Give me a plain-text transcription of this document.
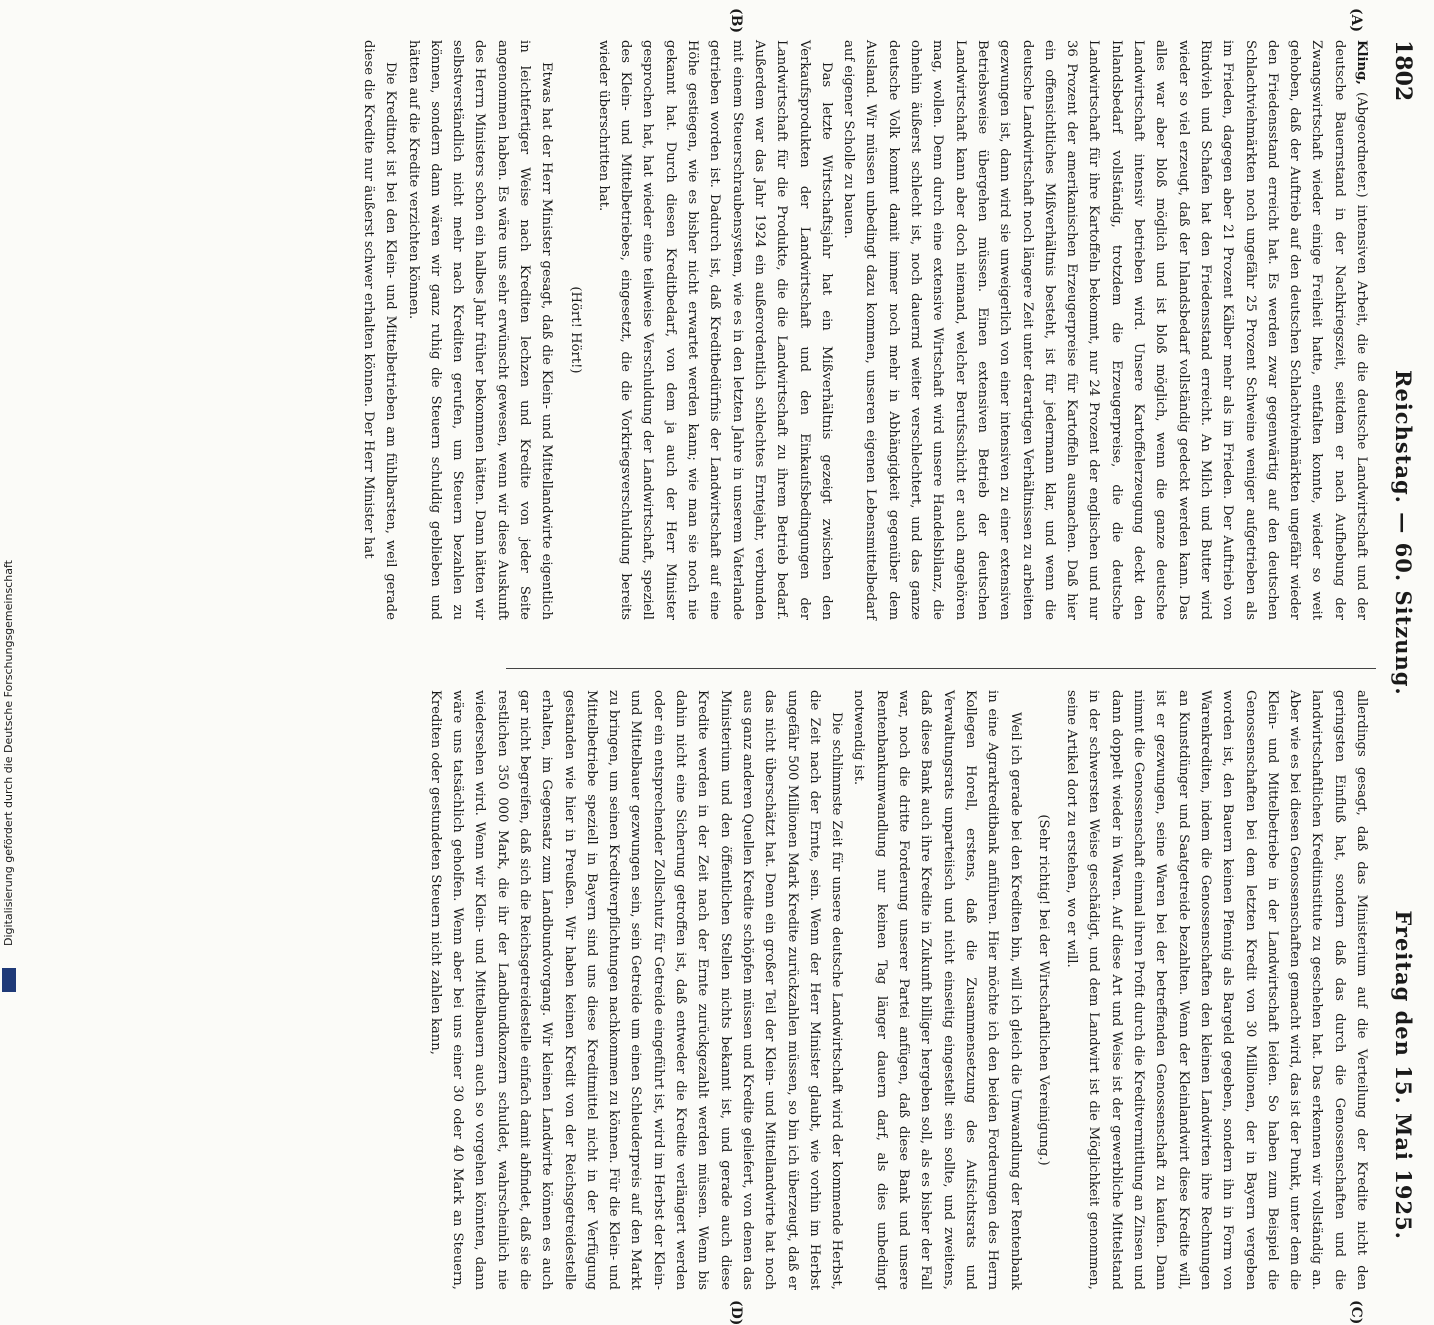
1802
Reichstag. — 60. Sitzung.
Freitag den 15. Mai 1925.
(A)
(B)
(C)
(D)

Kling, (Abgeordneter.) intensiven Arbeit, die die deutsche Landwirtschaft und der deutsche Bauernstand in der Nachkriegszeit, seitdem er nach Aufhebung der Zwangswirtschaft wieder einige Freiheit hatte, entfalten konnte, wieder so weit gehoben, daß der Auftrieb auf den deutschen Schlachtviehmärkten ungefähr wieder den Friedensstand erreicht hat. Es werden zwar gegenwärtig auf den deutschen Schlachtviehmärkten noch ungefähr 25 Prozent Schweine weniger aufgetrieben als im Frieden, dagegen aber 21 Prozent Kälber mehr als im Frieden. Der Auftrieb von Rindvieh und Schafen hat den Friedensstand erreicht. An Milch und Butter wird wieder so viel erzeugt, daß der Inlandsbedarf vollständig gedeckt werden kann. Das alles war aber bloß möglich und ist bloß möglich, wenn die ganze deutsche Landwirtschaft intensiv betrieben wird. Unsere Kartoffelerzeugung deckt den Inlandsbedarf vollständig, trotzdem die Erzeugerpreise, die die deutsche Landwirtschaft für ihre Kartoffeln bekommt, nur 24 Prozent der englischen und nur 36 Prozent der amerikanischen Erzeugerpreise für Kartoffeln ausmachen. Daß hier ein offensichtliches Mißverhältnis besteht, ist für jedermann klar, und wenn die deutsche Landwirtschaft noch längere Zeit unter derartigen Verhältnissen zu arbeiten gezwungen ist, dann wird sie unweigerlich von einer intensiven zu einer extensiven Betriebsweise übergehen müssen. Einen extensiven Betrieb der deutschen Landwirtschaft kann aber doch niemand, welcher Berufsschicht er auch angehören mag, wollen. Denn durch eine extensive Wirtschaft wird unsere Handelsbilanz, die ohnehin äußerst schlecht ist, noch dauernd weiter verschlechtert, und das ganze deutsche Volk kommt damit immer noch mehr in Abhängigkeit gegenüber dem Ausland. Wir müssen unbedingt dazu kommen, unseren eigenen Lebensmittelbedarf auf eigener Scholle zu bauen.

Das letzte Wirtschaftsjahr hat ein Mißverhältnis gezeigt zwischen den Verkaufsprodukten der Landwirtschaft und den Einkaufsbedingungen der Landwirtschaft für die Produkte, die die Landwirtschaft zu ihrem Betrieb bedarf. Außerdem war das Jahr 1924 ein außerordentlich schlechtes Erntejahr, verbunden mit einem Steuerschraubensystem, wie es in den letzten Jahre in unserem Vaterlande getrieben worden ist. Dadurch ist, daß Kreditbedürfnis der Landwirtschaft auf eine Höhe gestiegen, wie es bisher nicht erwartet werden kann; wie man sie noch nie gekannt hat. Durch diesen Kreditbedarf, von dem ja auch der Herr Minister gesprochen hat, hat wieder eine teilweise Verschuldung der Landwirtschaft, speziell des Klein- und Mittelbetriebes, eingesetzt, die die Vorkriegsverschuldung bereits wieder überschritten hat.

(Hört! Hört!)

Etwas hat der Herr Minister gesagt, daß die Klein- und Mittellandwirte eigentlich in leichtfertiger Weise nach Krediten lechzen und Kredite von jeder Seite angenommen haben. Es wäre uns sehr erwünscht gewesen, wenn wir diese Auskunft des Herrn Ministers schon ein halbes Jahr früher bekommen hätten. Dann hätten wir selbstverständlich nicht mehr nach Krediten gerufen, um Steuern bezahlen zu können, sondern dann wären wir ganz ruhig die Steuern schuldig geblieben und hätten auf die Kredite verzichten können.

Die Kreditnot ist bei den Klein- und Mittelbetrieben am fühlbarsten, weil gerade diese die Kredite nur äußerst schwer erhalten können. Der Herr Minister hat

allerdings gesagt, daß das Ministerium auf die Verteilung der Kredite nicht den geringsten Einfluß hat, sondern daß das durch die Genossenschaften und die landwirtschaftlichen Kreditinstitute zu geschehen hat. Das erkennen wir vollständig an. Aber wie es bei diesen Genossenschaften gemacht wird, das ist der Punkt, unter dem die Klein- und Mittelbetriebe in der Landwirtschaft leiden. So haben zum Beispiel die Genossenschaften bei dem letzten Kredit von 30 Millionen, der in Bayern vergeben worden ist, den Bauern keinen Pfennig als Bargeld gegeben, sondern ihn in Form von Warenkrediten, indem die Genossenschaften den kleinen Landwirten ihre Rechnungen an Kunstdünger und Saatgetreide bezahlten. Wenn der Kleinlandwirt diese Kredite will, ist er gezwungen, seine Waren bei der betreffenden Genossenschaft zu kaufen. Dann nimmt die Genossenschaft einmal ihren Profit durch die Kreditvermittlung an Zinsen und dann doppelt wieder in Waren. Auf diese Art und Weise ist der gewerbliche Mittelstand in der schwersten Weise geschädigt, und dem Landwirt ist die Möglichkeit genommen, seine Artikel dort zu erstehen, wo er will.

(Sehr richtig! bei der Wirtschaftlichen Vereinigung.)

Weil ich gerade bei den Krediten bin, will ich gleich die Umwandlung der Rentenbank in eine Agrarkreditbank anführen. Hier möchte ich den beiden Forderungen des Herrn Kollegen Horell, erstens, daß die Zusammensetzung des Aufsichtsrats und Verwaltungsrats unparteiisch und nicht einseitig eingestellt sein sollte, und zweitens, daß diese Bank auch ihre Kredite in Zukunft billiger hergeben soll, als es bisher der Fall war, noch die dritte Forderung unserer Partei anfügen, daß diese Bank und unsere Rentenbankumwandlung nur keinen Tag länger dauern darf, als dies unbedingt notwendig ist.

Die schlimmste Zeit für unsere deutsche Landwirtschaft wird der kommende Herbst, die Zeit nach der Ernte, sein. Wenn der Herr Minister glaubt, wie vorhin im Herbst ungefähr 500 Millionen Mark Kredite zurückzahlen müssen, so bin ich überzeugt, daß er das nicht überschätzt hat. Denn ein großer Teil der Klein- und Mittellandwirte hat noch aus ganz anderen Quellen Kredite schöpfen müssen und Kredite geliefert, von denen das Ministerium und den öffentlichen Stellen nichts bekannt ist, und gerade auch diese Kredite werden in der Zeit nach der Ernte zurückgezahlt werden müssen. Wenn bis dahin nicht eine Sicherung getroffen ist, daß entweder die Kredite verlängert werden oder ein entsprechender Zollschutz für Getreide eingeführt ist, wird im Herbst der Klein- und Mittelbauer gezwungen sein, sein Getreide um einen Schleuderpreis auf den Markt zu bringen, um seinen Kreditverpflichtungen nachkommen zu können. Für die Klein- und Mittelbetriebe speziell in Bayern sind uns diese Kreditmittel nicht in der Verfügung gestanden wie hier in Preußen. Wir haben keinen Kredit von der Reichsgetreidestelle erhalten, im Gegensatz zum Landbundvorgang. Wir kleinen Landwirte können es auch gar nicht begreifen, daß sich die Reichsgetreidestelle einfach damit abfindet, daß sie die restlichen 350 000 Mark, die ihr der Landbundkonzern schuldet, wahrscheinlich nie wiedersehen wird. Wenn wir Klein- und Mittelbauern auch so vorgehen könnten, dann wäre uns tatsächlich geholfen. Wenn aber bei uns einer 30 oder 40 Mark an Steuern, Krediten oder gestundeten Steuern nicht zahlen kann,

Digitalisierung gefördert durch die Deutsche Forschungsgemeinschaft
